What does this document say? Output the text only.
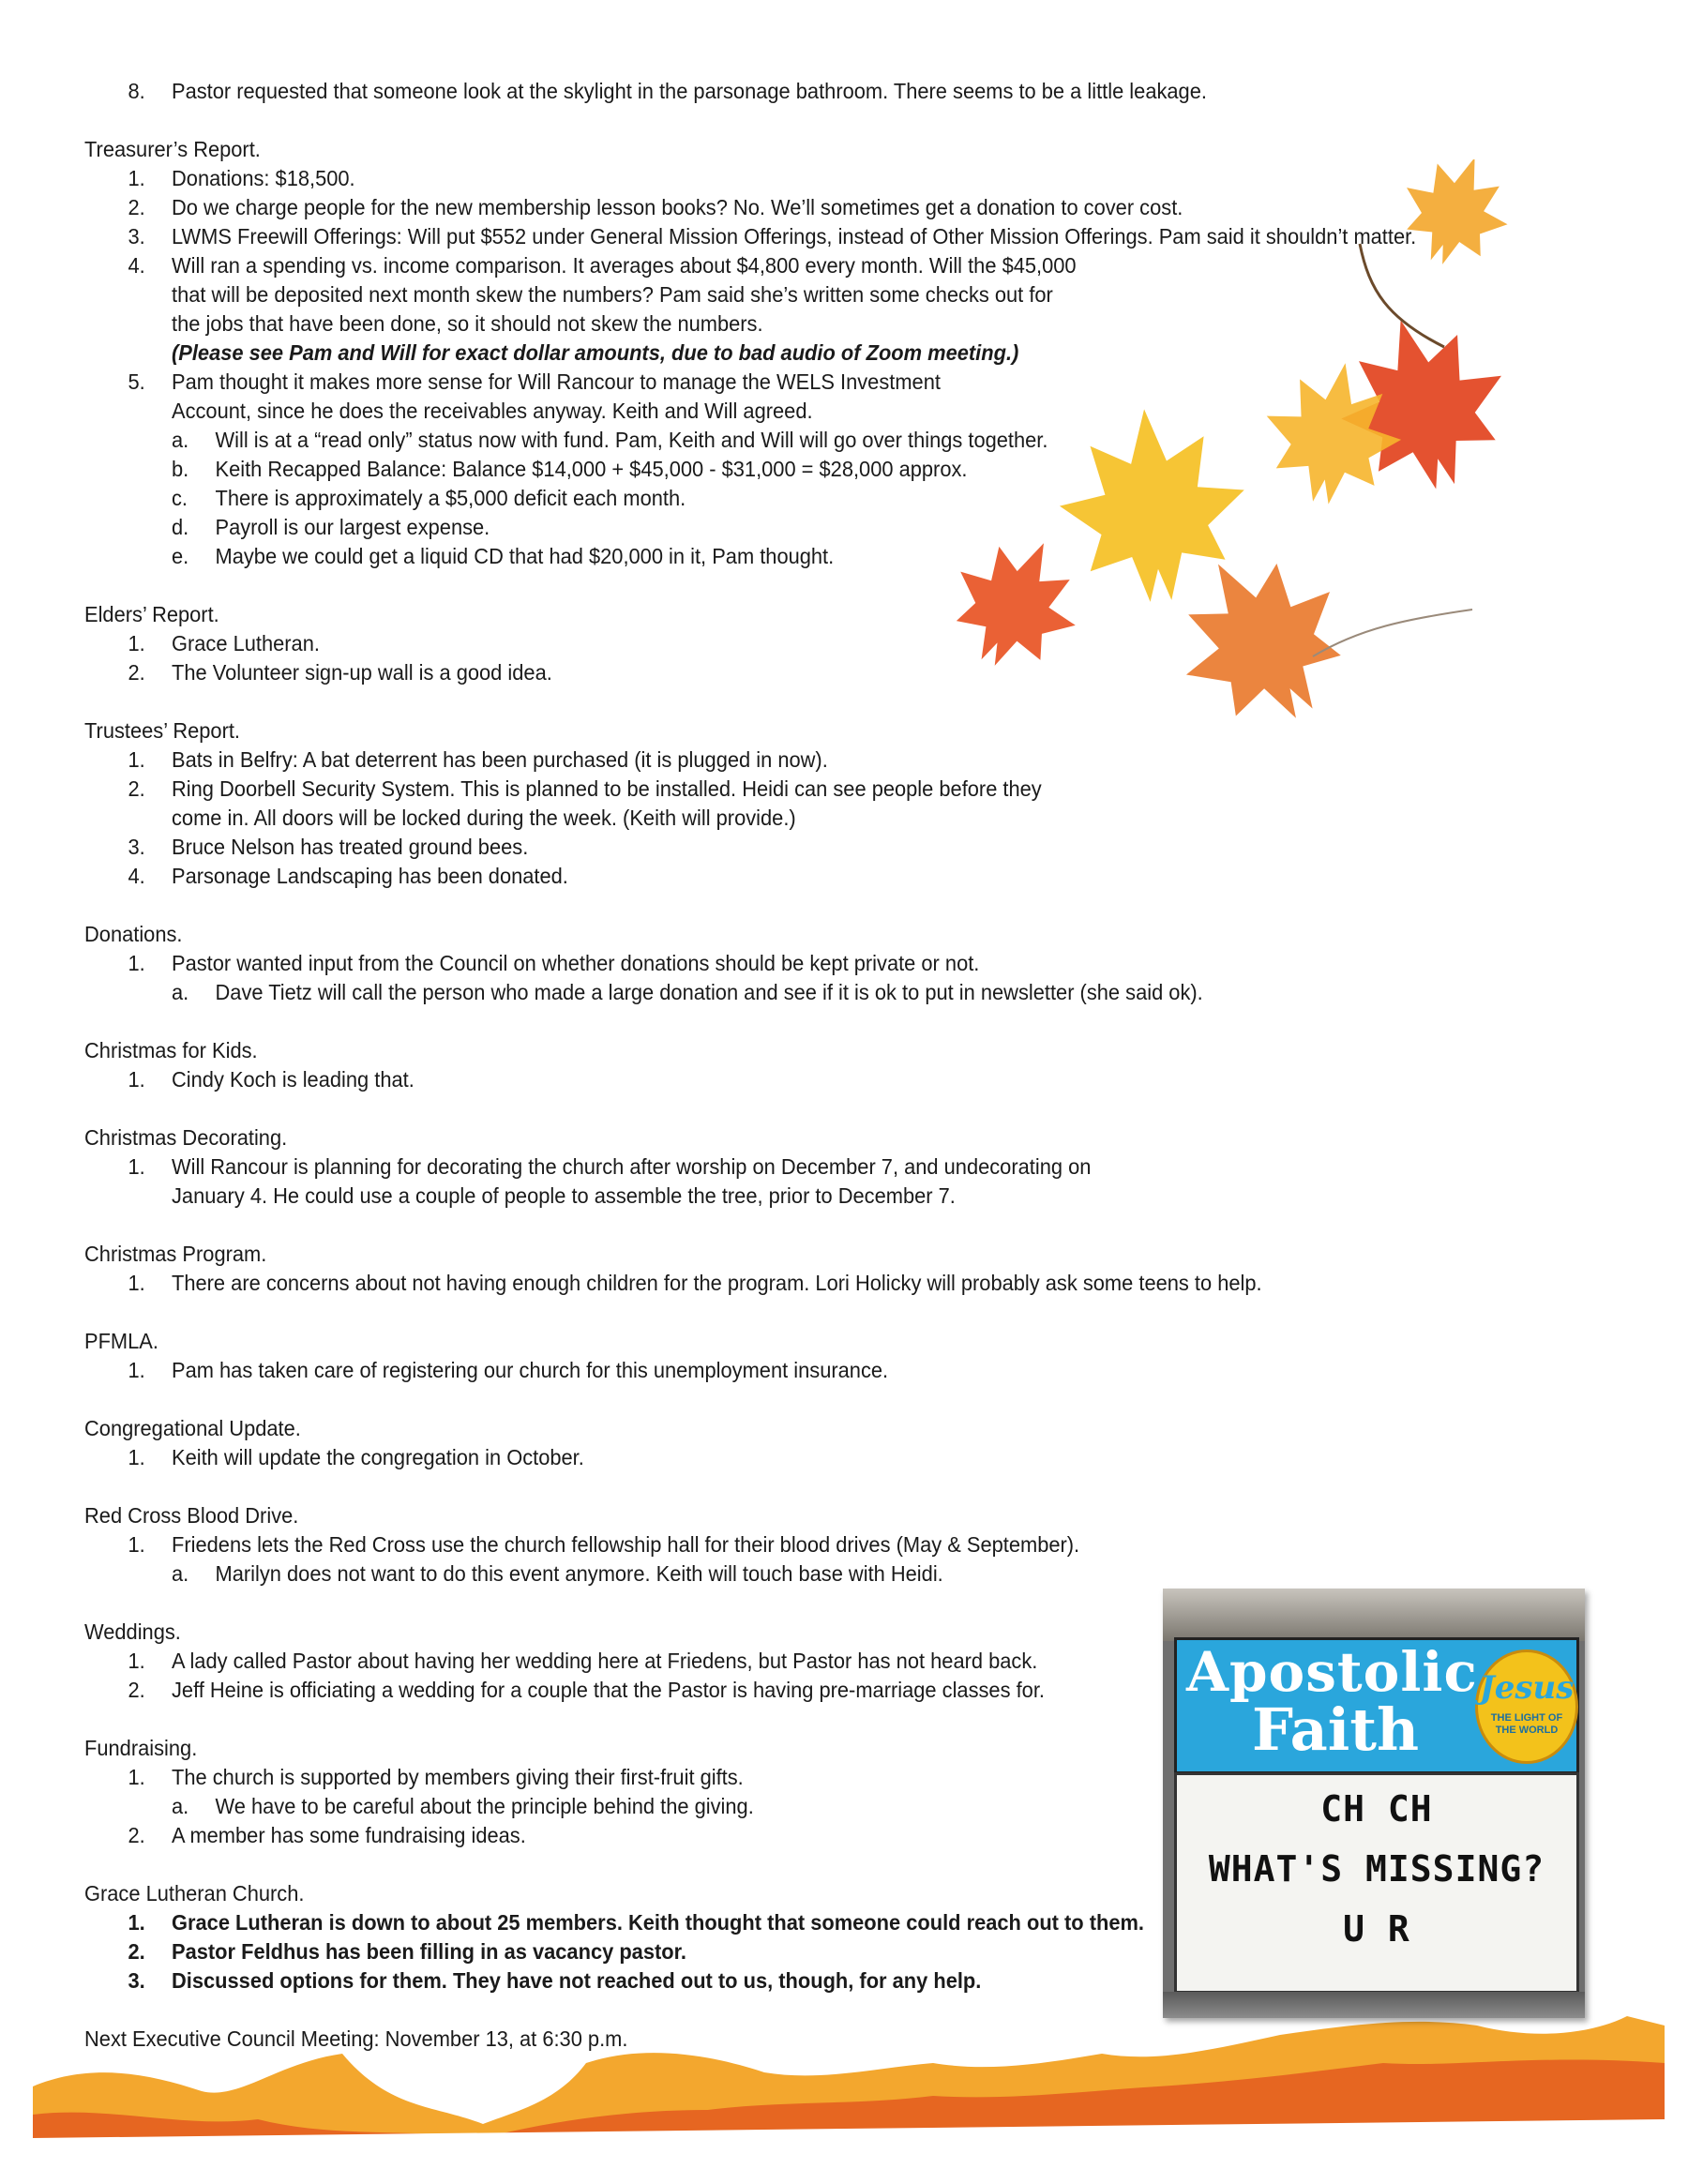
Apostolic
Faith
Jesus
THE LIGHT OF THE WORLD
CH CH
WHAT'S MISSING?
U R
8. Pastor requested that someone look at the skylight in the parsonage bathroom. There seems to be a little leakage.
Treasurer’s Report.
1. Donations: $18,500.
2. Do we charge people for the new membership lesson books? No. We’ll sometimes get a donation to cover cost.
3. LWMS Freewill Offerings: Will put $552 under General Mission Offerings, instead of Other Mission Offerings. Pam said it shouldn’t matter.
4. Will ran a spending vs. income comparison. It averages about $4,800 every month. Will the $45,000
that will be deposited next month skew the numbers? Pam said she’s written some checks out for
the jobs that have been done, so it should not skew the numbers.
(Please see Pam and Will for exact dollar amounts, due to bad audio of Zoom meeting.)
5. Pam thought it makes more sense for Will Rancour to manage the WELS Investment
Account, since he does the receivables anyway. Keith and Will agreed.
a. Will is at a “read only” status now with fund. Pam, Keith and Will will go over things together.
b. Keith Recapped Balance: Balance $14,000 + $45,000 - $31,000 = $28,000 approx.
c. There is approximately a $5,000 deficit each month.
d. Payroll is our largest expense.
e. Maybe we could get a liquid CD that had $20,000 in it, Pam thought.
Elders’ Report.
1. Grace Lutheran.
2. The Volunteer sign-up wall is a good idea.
Trustees’ Report.
1. Bats in Belfry: A bat deterrent has been purchased (it is plugged in now).
2. Ring Doorbell Security System. This is planned to be installed. Heidi can see people before they
come in. All doors will be locked during the week. (Keith will provide.)
3. Bruce Nelson has treated ground bees.
4. Parsonage Landscaping has been donated.
Donations.
1. Pastor wanted input from the Council on whether donations should be kept private or not.
a. Dave Tietz will call the person who made a large donation and see if it is ok to put in newsletter (she said ok).
Christmas for Kids.
1. Cindy Koch is leading that.
Christmas Decorating.
1. Will Rancour is planning for decorating the church after worship on December 7, and undecorating on
January 4. He could use a couple of people to assemble the tree, prior to December 7.
Christmas Program.
1. There are concerns about not having enough children for the program. Lori Holicky will probably ask some teens to help.
PFMLA.
1. Pam has taken care of registering our church for this unemployment insurance.
Congregational Update.
1. Keith will update the congregation in October.
Red Cross Blood Drive.
1. Friedens lets the Red Cross use the church fellowship hall for their blood drives (May & September).
a. Marilyn does not want to do this event anymore. Keith will touch base with Heidi.
Weddings.
1. A lady called Pastor about having her wedding here at Friedens, but Pastor has not heard back.
2. Jeff Heine is officiating a wedding for a couple that the Pastor is having pre-marriage classes for.
Fundraising.
1. The church is supported by members giving their first-fruit gifts.
a. We have to be careful about the principle behind the giving.
2. A member has some fundraising ideas.
Grace Lutheran Church.
1. Grace Lutheran is down to about 25 members. Keith thought that someone could reach out to them.
2. Pastor Feldhus has been filling in as vacancy pastor.
3. Discussed options for them. They have not reached out to us, though, for any help.
Next Executive Council Meeting: November 13, at 6:30 p.m.
